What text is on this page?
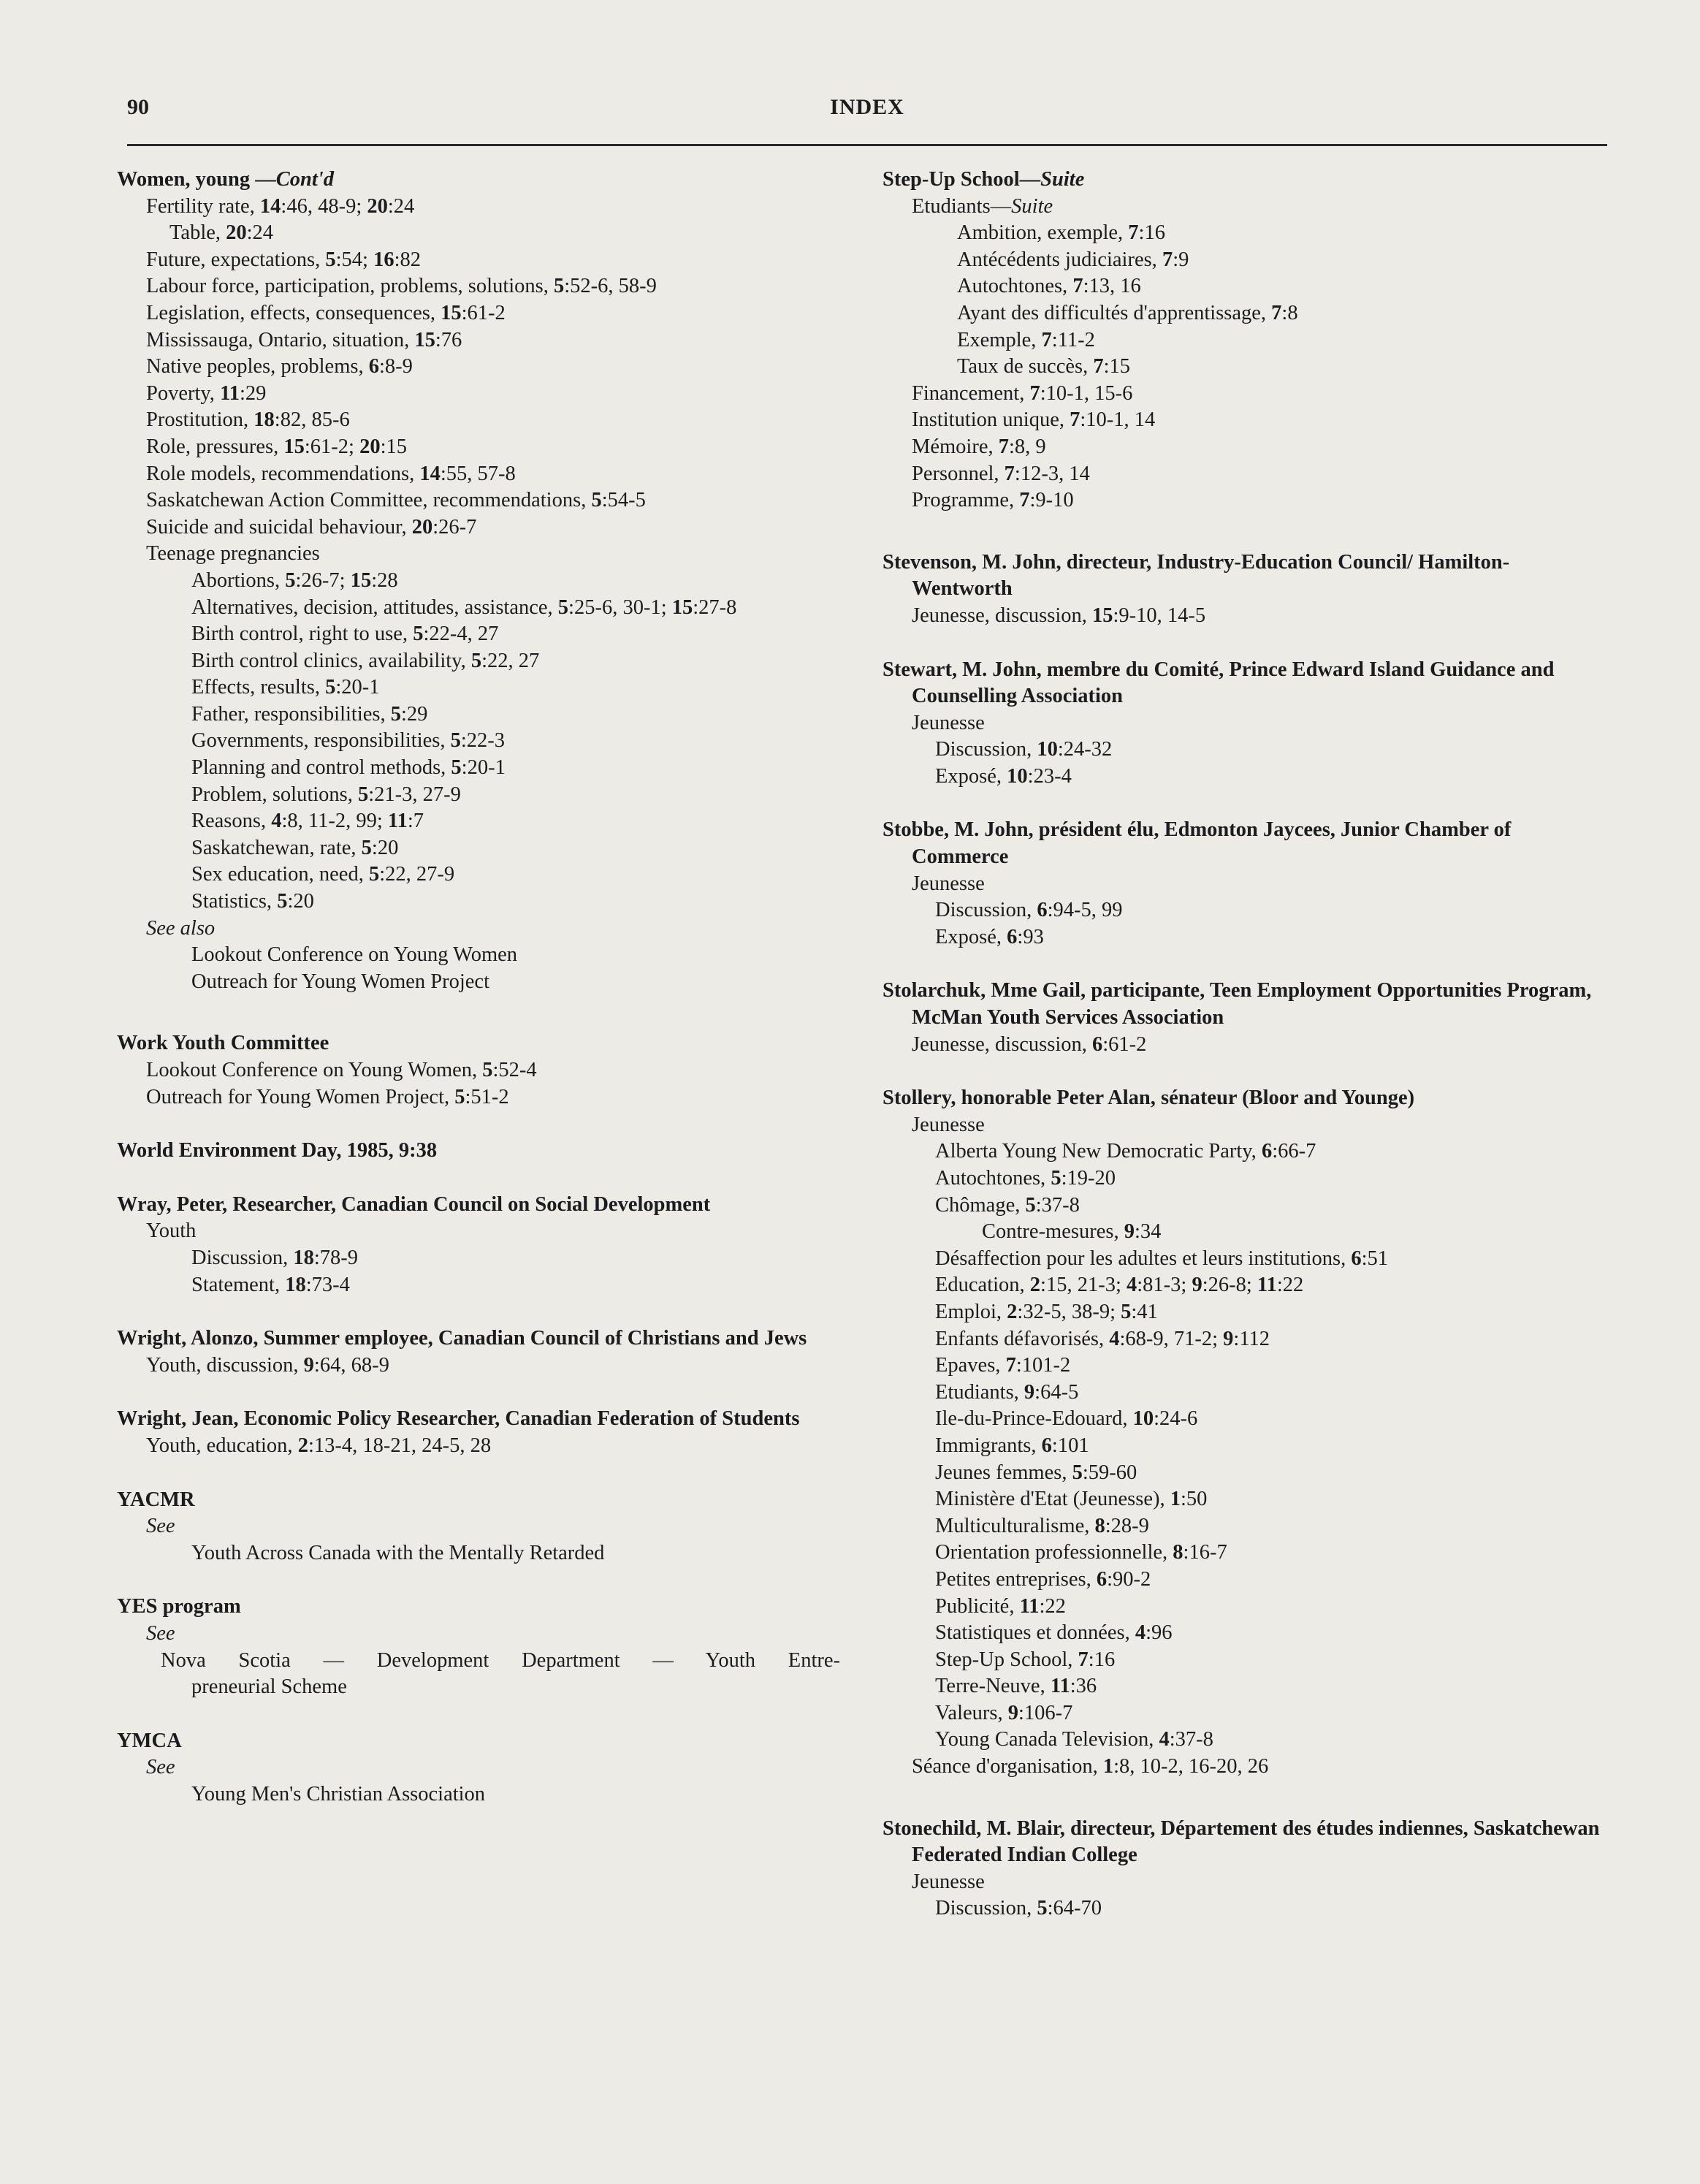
90	INDEX

Women, young —Cont'd

Fertility rate, 14:46, 48-9; 20:24

Table, 20:24

Future, expectations, 5:54; 16:82

Labour force, participation, problems, solutions, 5:52-6, 58-9

Legislation, effects, consequences, 15:61-2

Mississauga, Ontario, situation, 15:76

Native peoples, problems, 6:8-9

Poverty, 11:29

Prostitution, 18:82, 85-6

Role, pressures, 15:61-2; 20:15

Role models, recommendations, 14:55, 57-8

Saskatchewan Action Committee, recommendations, 5:54-5

Suicide and suicidal behaviour, 20:26-7

Teenage pregnancies

Abortions, 5:26-7; 15:28

Alternatives, decision, attitudes, assistance, 5:25-6, 30-1; 15:27-8

Birth control, right to use, 5:22-4, 27

Birth control clinics, availability, 5:22, 27

Effects, results, 5:20-1

Father, responsibilities, 5:29

Governments, responsibilities, 5:22-3

Planning and control methods, 5:20-1

Problem, solutions, 5:21-3, 27-9

Reasons, 4:8, 11-2, 99; 11:7

Saskatchewan, rate, 5:20

Sex education, need, 5:22, 27-9

Statistics, 5:20

See also

Lookout Conference on Young Women

Outreach for Young Women Project

Work Youth Committee

Lookout Conference on Young Women, 5:52-4

Outreach for Young Women Project, 5:51-2

World Environment Day, 1985, 9:38

Wray, Peter, Researcher, Canadian Council on Social Development

Youth

Discussion, 18:78-9

Statement, 18:73-4

Wright, Alonzo, Summer employee, Canadian Council of Christians and Jews

Youth, discussion, 9:64, 68-9

Wright, Jean, Economic Policy Researcher, Canadian Federation of Students

Youth, education, 2:13-4, 18-21, 24-5, 28

YACMR

See

Youth Across Canada with the Mentally Retarded

YES program

See

Nova Scotia — Development Department — Youth Entre-

preneurial Scheme

YMCA

See

Young Men's Christian Association

Step-Up School—Suite

Etudiants—Suite

Ambition, exemple, 7:16

Antécédents judiciaires, 7:9

Autochtones, 7:13, 16

Ayant des difficultés d'apprentissage, 7:8

Exemple, 7:11-2

Taux de succès, 7:15

Financement, 7:10-1, 15-6

Institution unique, 7:10-1, 14

Mémoire, 7:8, 9

Personnel, 7:12-3, 14

Programme, 7:9-10

Stevenson, M. John, directeur, Industry-Education Council/ Hamilton-Wentworth

Jeunesse, discussion, 15:9-10, 14-5

Stewart, M. John, membre du Comité, Prince Edward Island Guidance and Counselling Association

Jeunesse

Discussion, 10:24-32

Exposé, 10:23-4

Stobbe, M. John, président élu, Edmonton Jaycees, Junior Chamber of Commerce

Jeunesse

Discussion, 6:94-5, 99

Exposé, 6:93

Stolarchuk, Mme Gail, participante, Teen Employment Opportunities Program, McMan Youth Services Association

Jeunesse, discussion, 6:61-2

Stollery, honorable Peter Alan, sénateur (Bloor and Younge)

Jeunesse

Alberta Young New Democratic Party, 6:66-7

Autochtones, 5:19-20

Chômage, 5:37-8

Contre-mesures, 9:34

Désaffection pour les adultes et leurs institutions, 6:51

Education, 2:15, 21-3; 4:81-3; 9:26-8; 11:22

Emploi, 2:32-5, 38-9; 5:41

Enfants défavorisés, 4:68-9, 71-2; 9:112

Epaves, 7:101-2

Etudiants, 9:64-5

Ile-du-Prince-Edouard, 10:24-6

Immigrants, 6:101

Jeunes femmes, 5:59-60

Ministère d'Etat (Jeunesse), 1:50

Multiculturalisme, 8:28-9

Orientation professionnelle, 8:16-7

Petites entreprises, 6:90-2

Publicité, 11:22

Statistiques et données, 4:96

Step-Up School, 7:16

Terre-Neuve, 11:36

Valeurs, 9:106-7

Young Canada Television, 4:37-8

Séance d'organisation, 1:8, 10-2, 16-20, 26

Stonechild, M. Blair, directeur, Département des études indiennes, Saskatchewan Federated Indian College

Jeunesse

Discussion, 5:64-70
